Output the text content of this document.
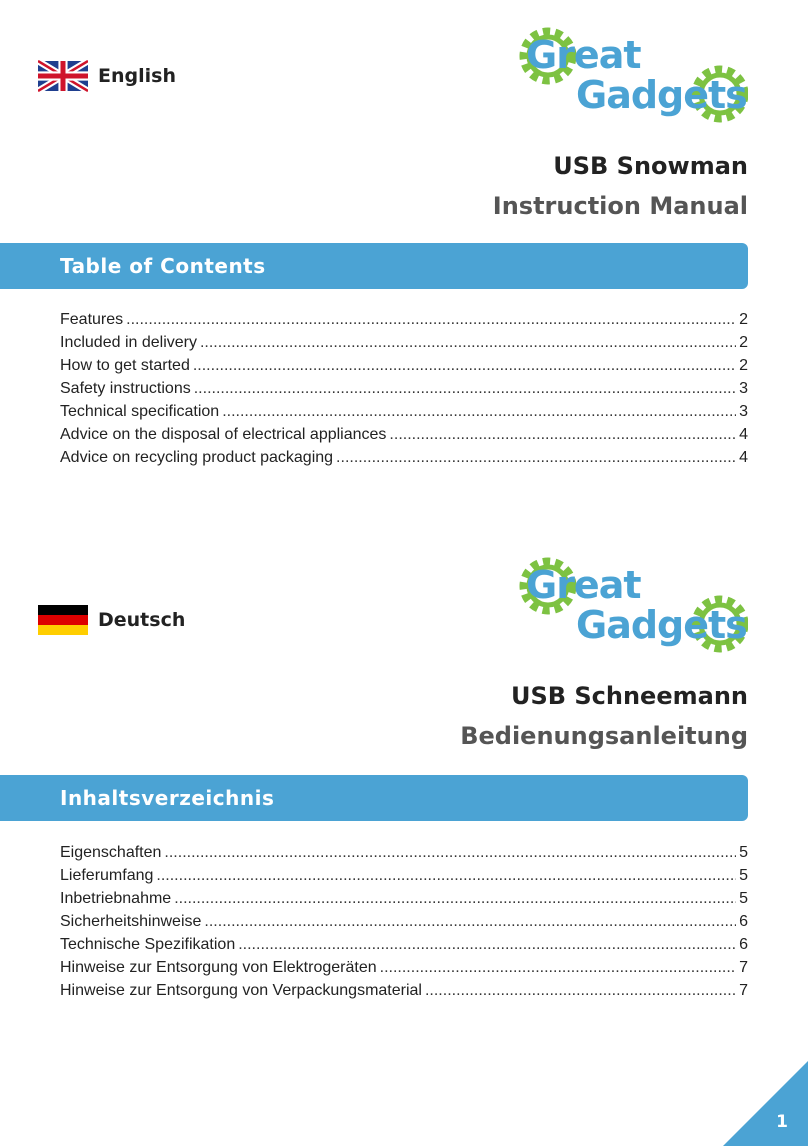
English	Great
Gadgets
USB Snowman
Instruction Manual
Table of Contents
Features .....	2
Included in delivery .....	2
How to get started .....	2
Safety instructions .....	3
Technical specification .....	3
Advice on the disposal of electrical appliances .....	4
Advice on recycling product packaging .....	4
Deutsch
Great
Gadgets
USB Schneemann
Bedienungsanleitung
Inhaltsverzeichnis
Eigenschaften .....	5
Lieferumfang .....	5
Inbetriebnahme .....	5
Sicherheitshinweise .....	6
Technische Spezifikation .....	6
Hinweise zur Entsorgung von Elektrogeräten .....	7
Hinweise zur Entsorgung von Verpackungsmaterial .....	7
1
